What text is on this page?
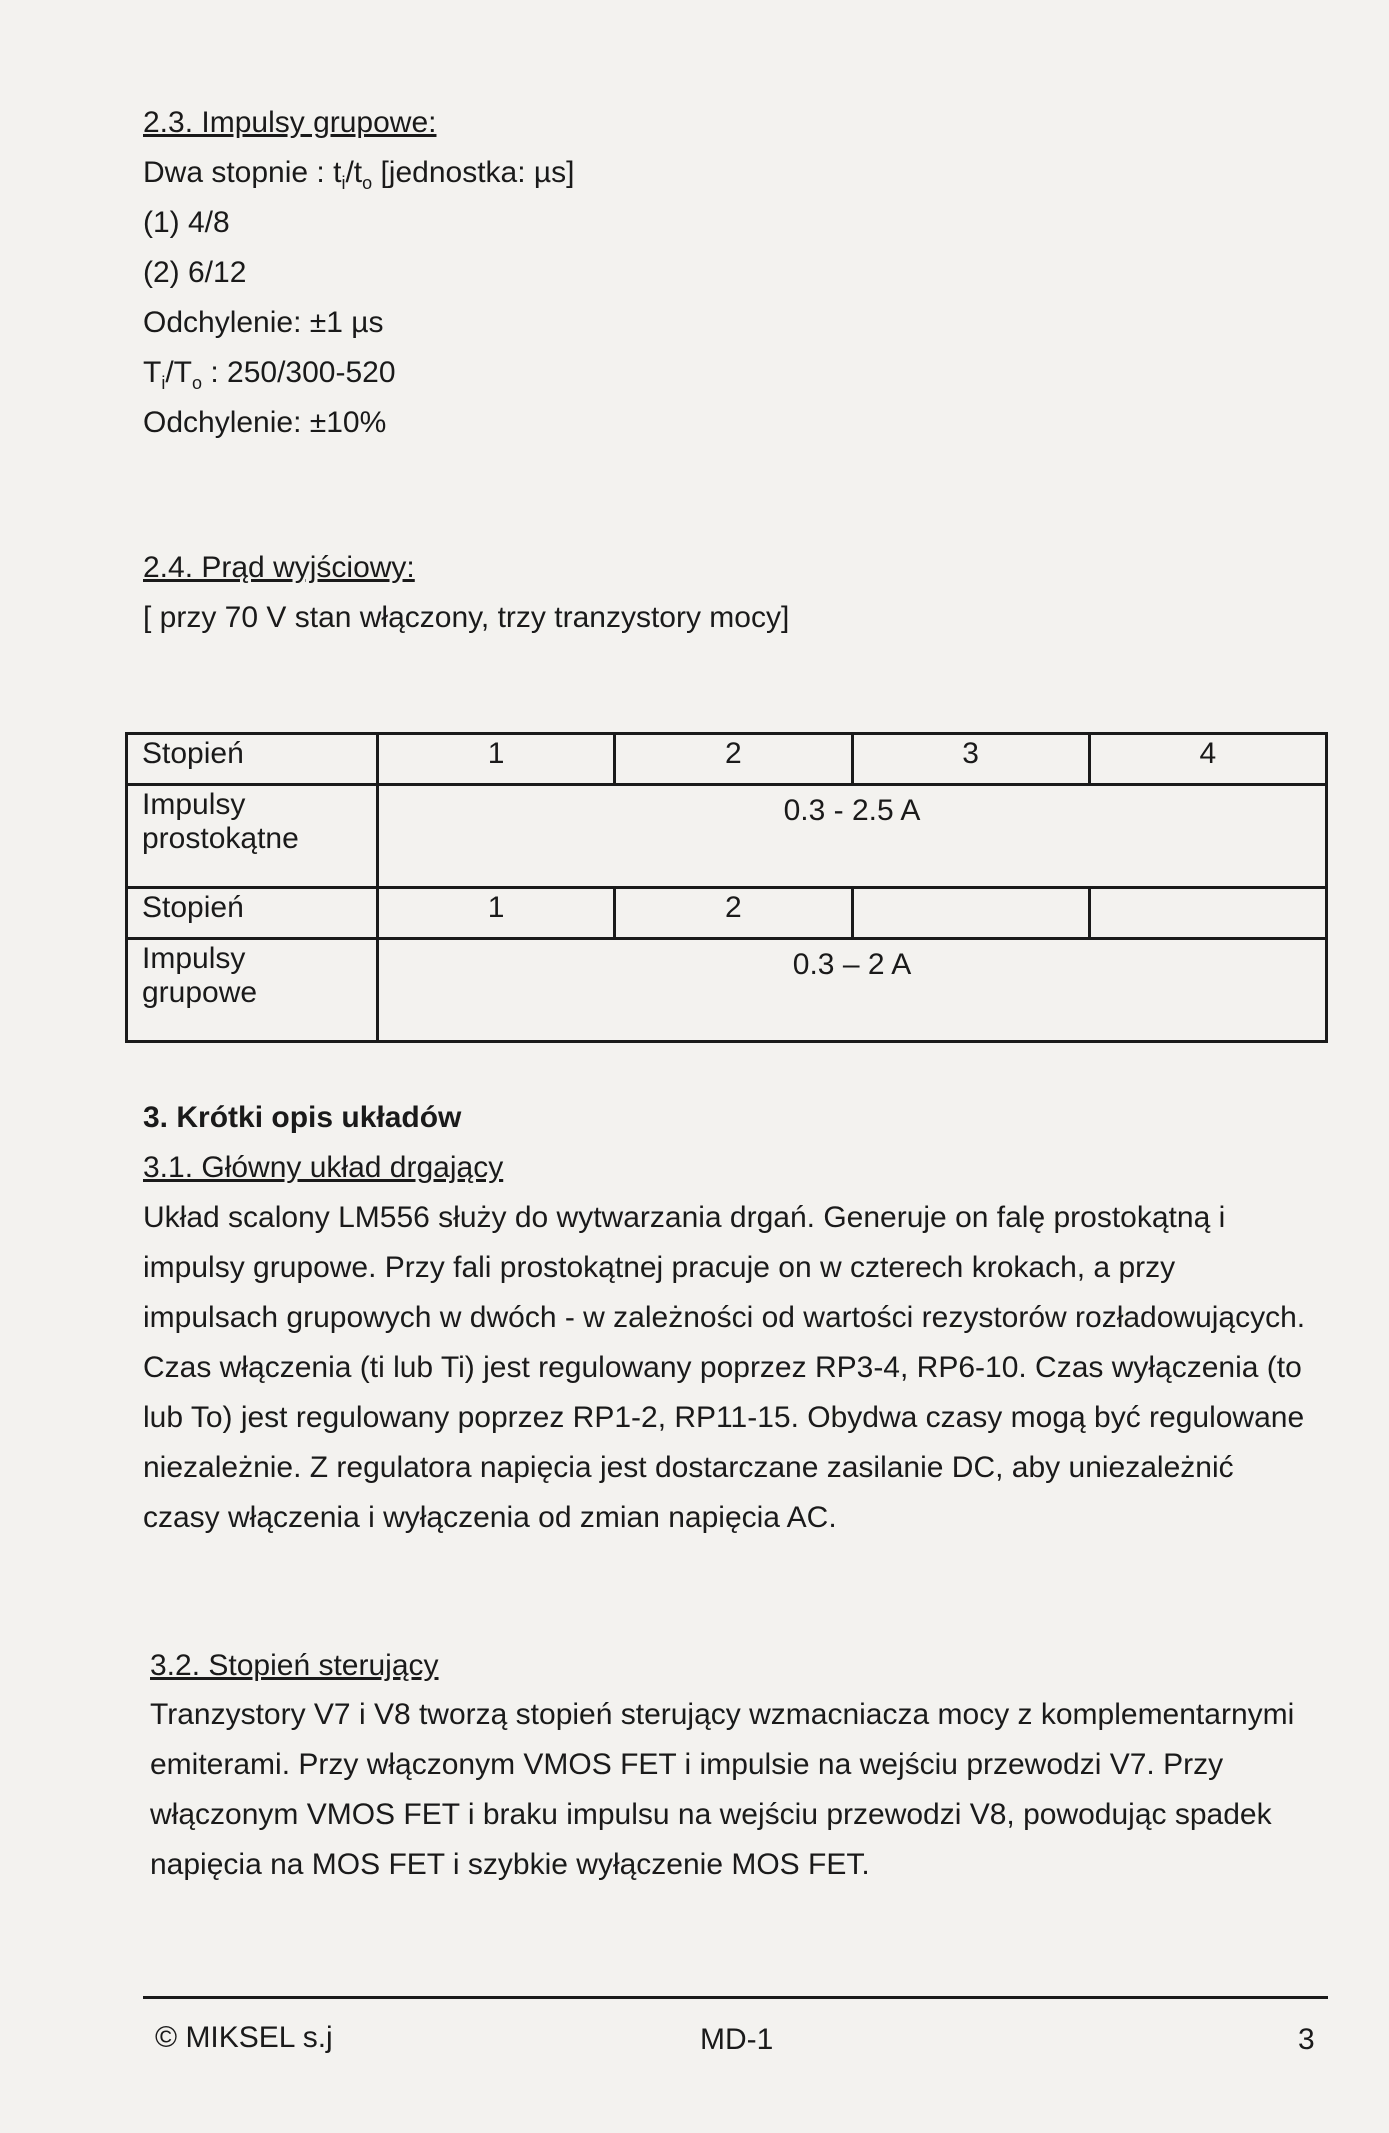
2.3. Impulsy grupowe:
Dwa stopnie : $t_i/t_o$ [jednostka: µs]
(1) 4/8
(2) 6/12
Odchylenie: ±1 µs
$T_i/T_o$ : 250/300-520
Odchylenie: ±10%
2.4. Prąd wyjściowy:
[ przy 70 V stan włączony, trzy tranzystory mocy]
Stopień	1	2	3	4
Impulsy prostokątne	0.3 - 2.5 A			
Stopień	1	2		
Impulsy grupowe	0.3 – 2 A			
3. Krótki opis układów
3.1. Główny układ drgający
Układ scalony LM556 służy do wytwarzania drgań. Generuje on falę prostokątną i impulsy grupowe. Przy fali prostokątnej pracuje on w czterech krokach, a przy impulsach grupowych w dwóch - w zależności od wartości rezystorów rozładowujących. Czas włączenia (ti lub Ti) jest regulowany poprzez RP3-4, RP6-10. Czas wyłączenia (to lub To) jest regulowany poprzez RP1-2, RP11-15. Obydwa czasy mogą być regulowane niezależnie. Z regulatora napięcia jest dostarczane zasilanie DC, aby uniezależnić czasy włączenia i wyłączenia od zmian napięcia AC.
3.2. Stopień sterujący
Tranzystory V7 i V8 tworzą stopień sterujący wzmacniacza mocy z komplementarnymi emiterami. Przy włączonym VMOS FET i impulsie na wejściu przewodzi V7. Przy włączonym VMOS FET i braku impulsu na wejściu przewodzi V8, powodując spadek napięcia na MOS FET i szybkie wyłączenie MOS FET.
© MIKSEL s.j	MD-1	3
